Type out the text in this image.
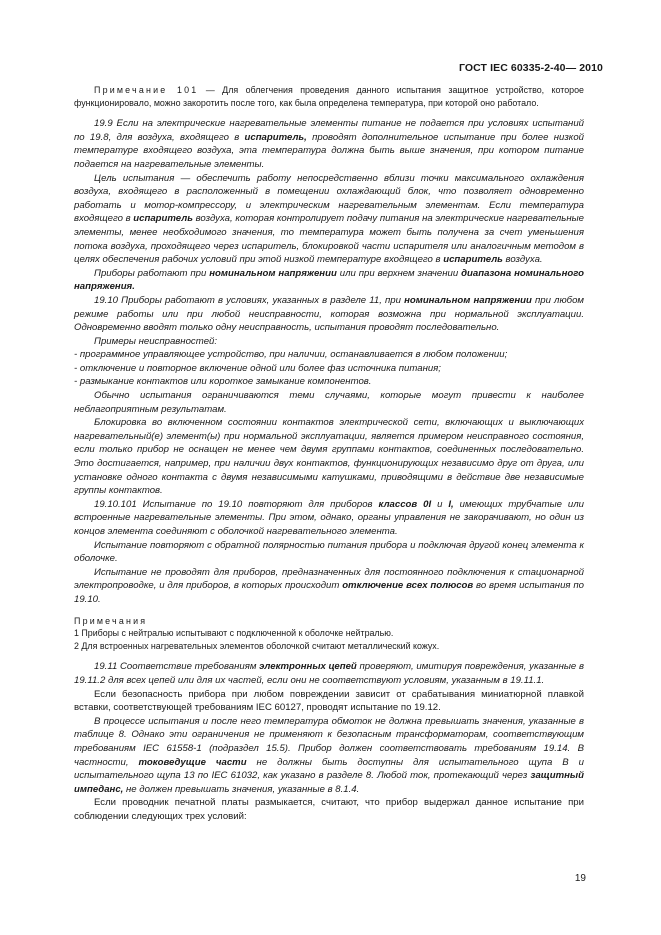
ГОСТ IEC 60335-2-40— 2010

Примечание 101 — Для облегчения проведения данного испытания защитное устройство, которое функционировало, можно закоротить после того, как была определена температура, при которой оно работало.

19.9 Если на электрические нагревательные элементы питание не подается при условиях испытаний по 19.8, для воздуха, входящего в испаритель, проводят дополнительное испытание при более низкой температуре входящего воздуха, эта температура должна быть выше значения, при котором питание подается на нагревательные элементы.

Цель испытания — обеспечить работу непосредственно вблизи точки максимального охлаждения воздуха, входящего в расположенный в помещении охлаждающий блок, что позволяет одновременно работать и мотор-компрессору, и электрическим нагревательным элементам. Если температура входящего в испаритель воздуха, которая контролирует подачу питания на электрические нагревательные элементы, менее необходимого значения, то температура может быть получена за счет уменьшения потока воздуха, проходящего через испаритель, блокировкой части испарителя или аналогичным методом в целях обеспечения рабочих условий при этой низкой температуре входящего в испаритель воздуха.

Приборы работают при номинальном напряжении или при верхнем значении диапазона номинального напряжения.

19.10 Приборы работают в условиях, указанных в разделе 11, при номинальном напряжении при любом режиме работы или при любой неисправности, которая возможна при нормальной эксплуатации. Одновременно вводят только одну неисправность, испытания проводят последовательно.

Примеры неисправностей:

- программное управляющее устройство, при наличии, останавливается в любом положении;

- отключение и повторное включение одной или более фаз источника питания;

- размыкание контактов или короткое замыкание компонентов.

Обычно испытания ограничиваются теми случаями, которые могут привести к наиболее неблагоприятным результатам.

Блокировка во включенном состоянии контактов электрической сети, включающих и выключающих нагревательный(е) элемент(ы) при нормальной эксплуатации, является примером неисправного состояния, если только прибор не оснащен не менее чем двумя группами контактов, соединенных последовательно. Это достигается, например, при наличии двух контактов, функционирующих независимо друг от друга, или установке одного контакта с двумя независимыми катушками, приводящими в действие две независимые группы контактов.

19.10.101 Испытание по 19.10 повторяют для приборов классов 0I и I, имеющих трубчатые или встроенные нагревательные элементы. При этом, однако, органы управления не закорачивают, но один из концов элемента соединяют с оболочкой нагревательного элемента.

Испытание повторяют с обратной полярностью питания прибора и подключая другой конец элемента к оболочке.

Испытание не проводят для приборов, предназначенных для постоянного подключения к стационарной электропроводке, и для приборов, в которых происходит отключение всех полюсов во время испытания по 19.10.

Примечания

1 Приборы с нейтралью испытывают с подключенной к оболочке нейтралью.

2 Для встроенных нагревательных элементов оболочкой считают металлический кожух.

19.11 Соответствие требованиям электронных цепей проверяют, имитируя повреждения, указанные в 19.11.2 для всех цепей или для их частей, если они не соответствуют условиям, указанным в 19.11.1.

Если безопасность прибора при любом повреждении зависит от срабатывания миниатюрной плавкой вставки, соответствующей требованиям IEC 60127, проводят испытание по 19.12.

В процессе испытания и после него температура обмоток не должна превышать значения, указанные в таблице 8. Однако эти ограничения не применяют к безопасным трансформаторам, соответствующим требованиям IEC 61558-1 (подраздел 15.5). Прибор должен соответствовать требованиям 19.14. В частности, токоведущие части не должны быть доступны для испытательного щупа В и испытательного щупа 13 по IEC 61032, как указано в разделе 8. Любой ток, протекающий через защитный импеданс, не должен превышать значения, указанные в 8.1.4.

Если проводник печатной платы размыкается, считают, что прибор выдержал данное испытание при соблюдении следующих трех условий:

19
